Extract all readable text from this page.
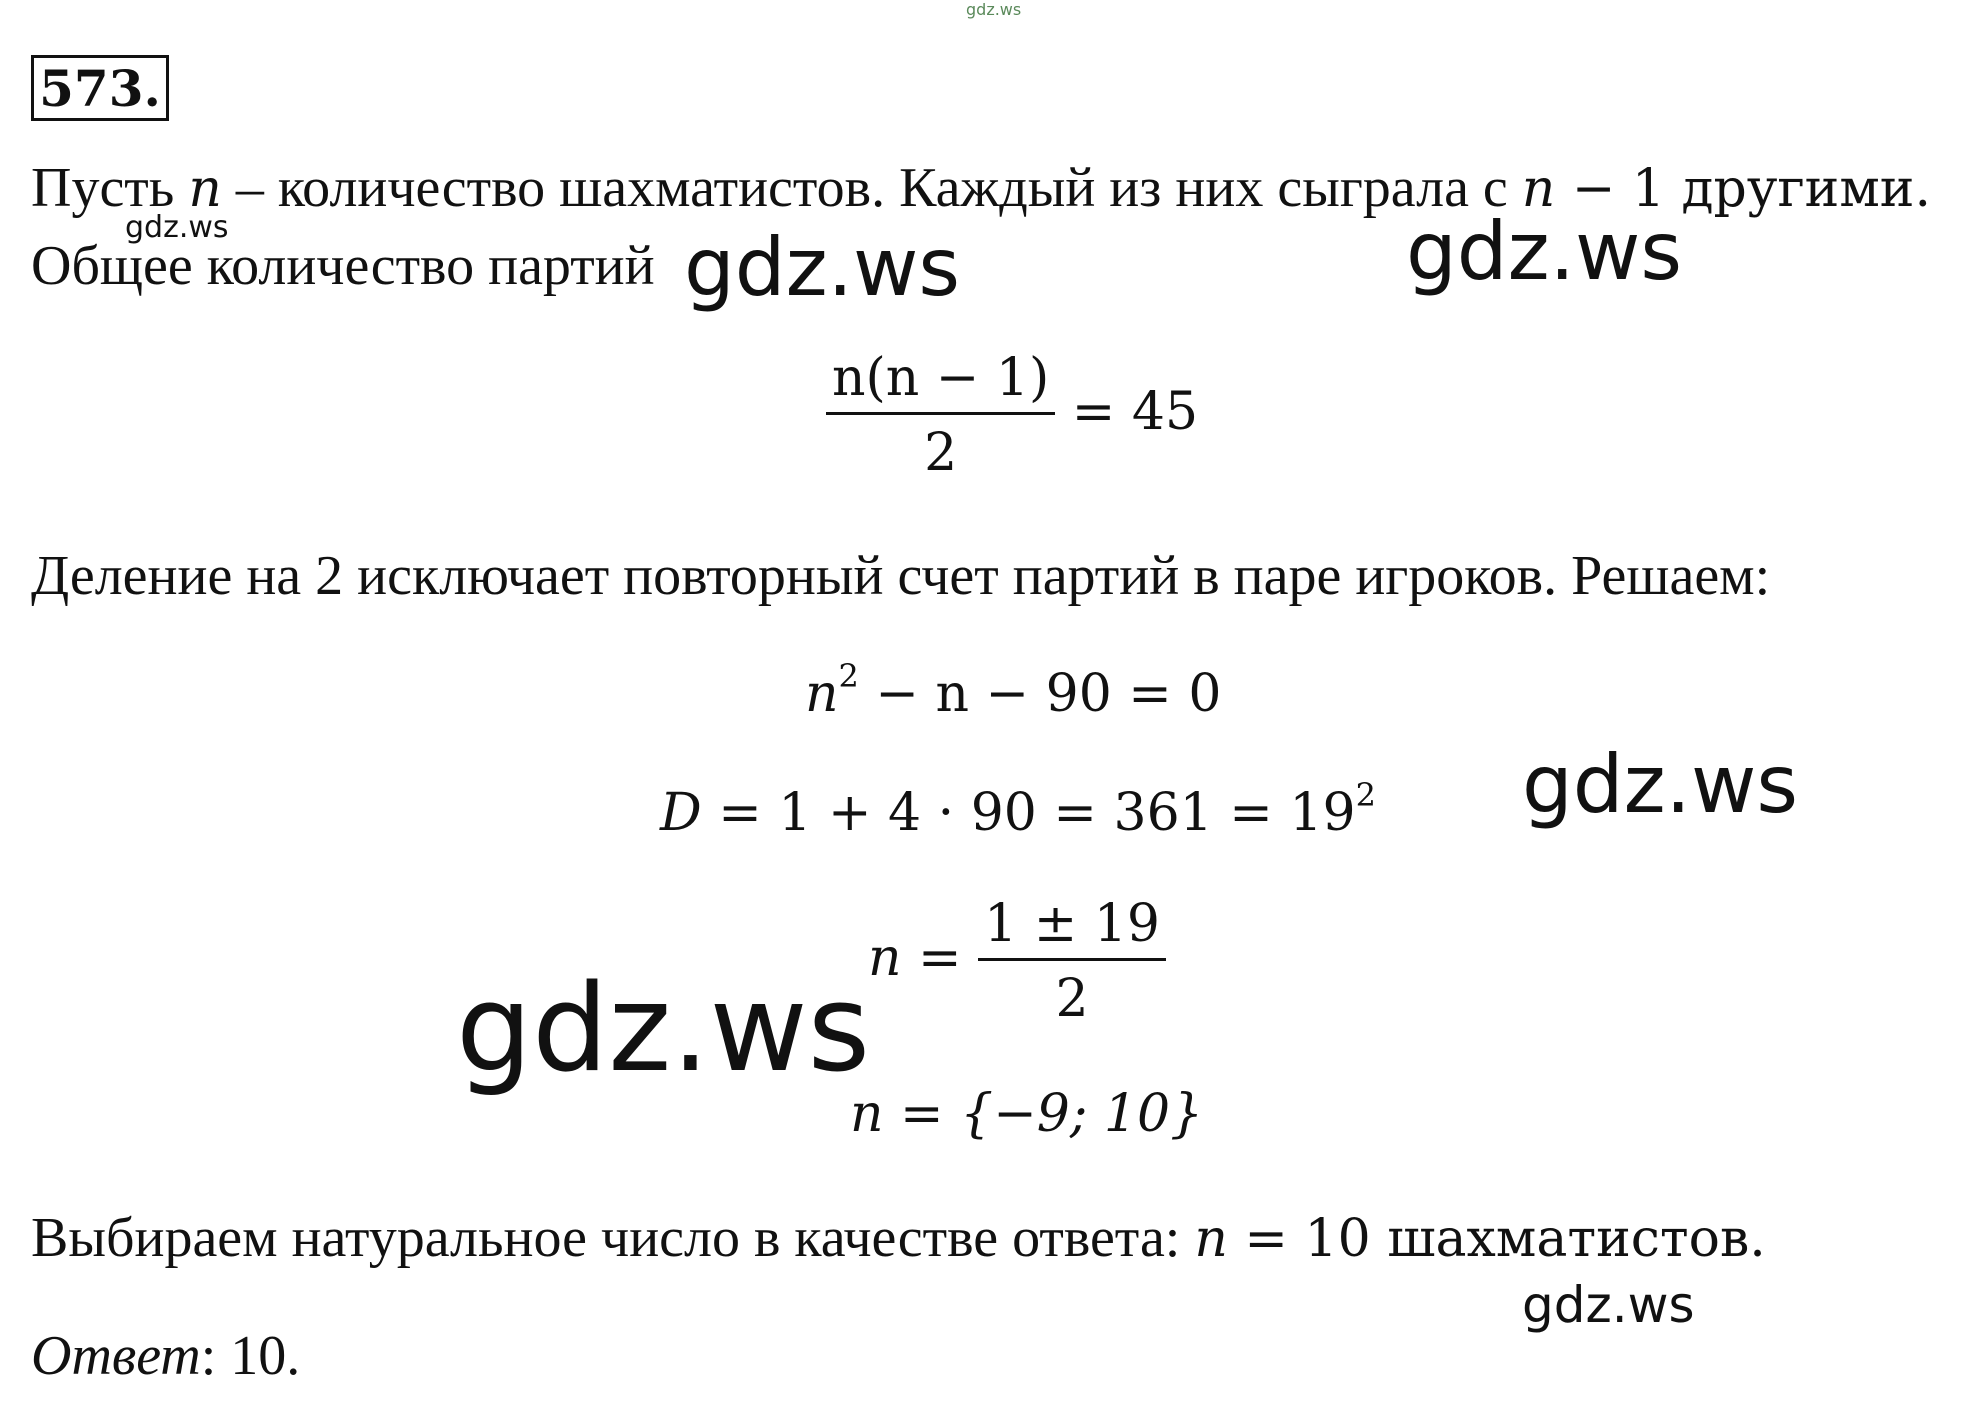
gdz.ws
573.
Пусть n – количество шахматистов. Каждый из них сыграла с n − 1 другими.
gdz.ws
Общее количество партий gdz.ws	gdz.ws
$\frac{n(n - 1)}{2} = 45$
Деление на 2 исключает повторный счет партий в паре игроков. Решаем:
$n^2 - n - 90 = 0$
$D = 1 + 4 \cdot 90 = 361 = 19^2$ gdz.ws
$n = \frac{1 \pm 19}{2}$
gdz.ws
n = {−9; 10}
Выбираем натуральное число в качестве ответа: n = 10 шахматистов.
gdz.ws
Ответ: 10.
